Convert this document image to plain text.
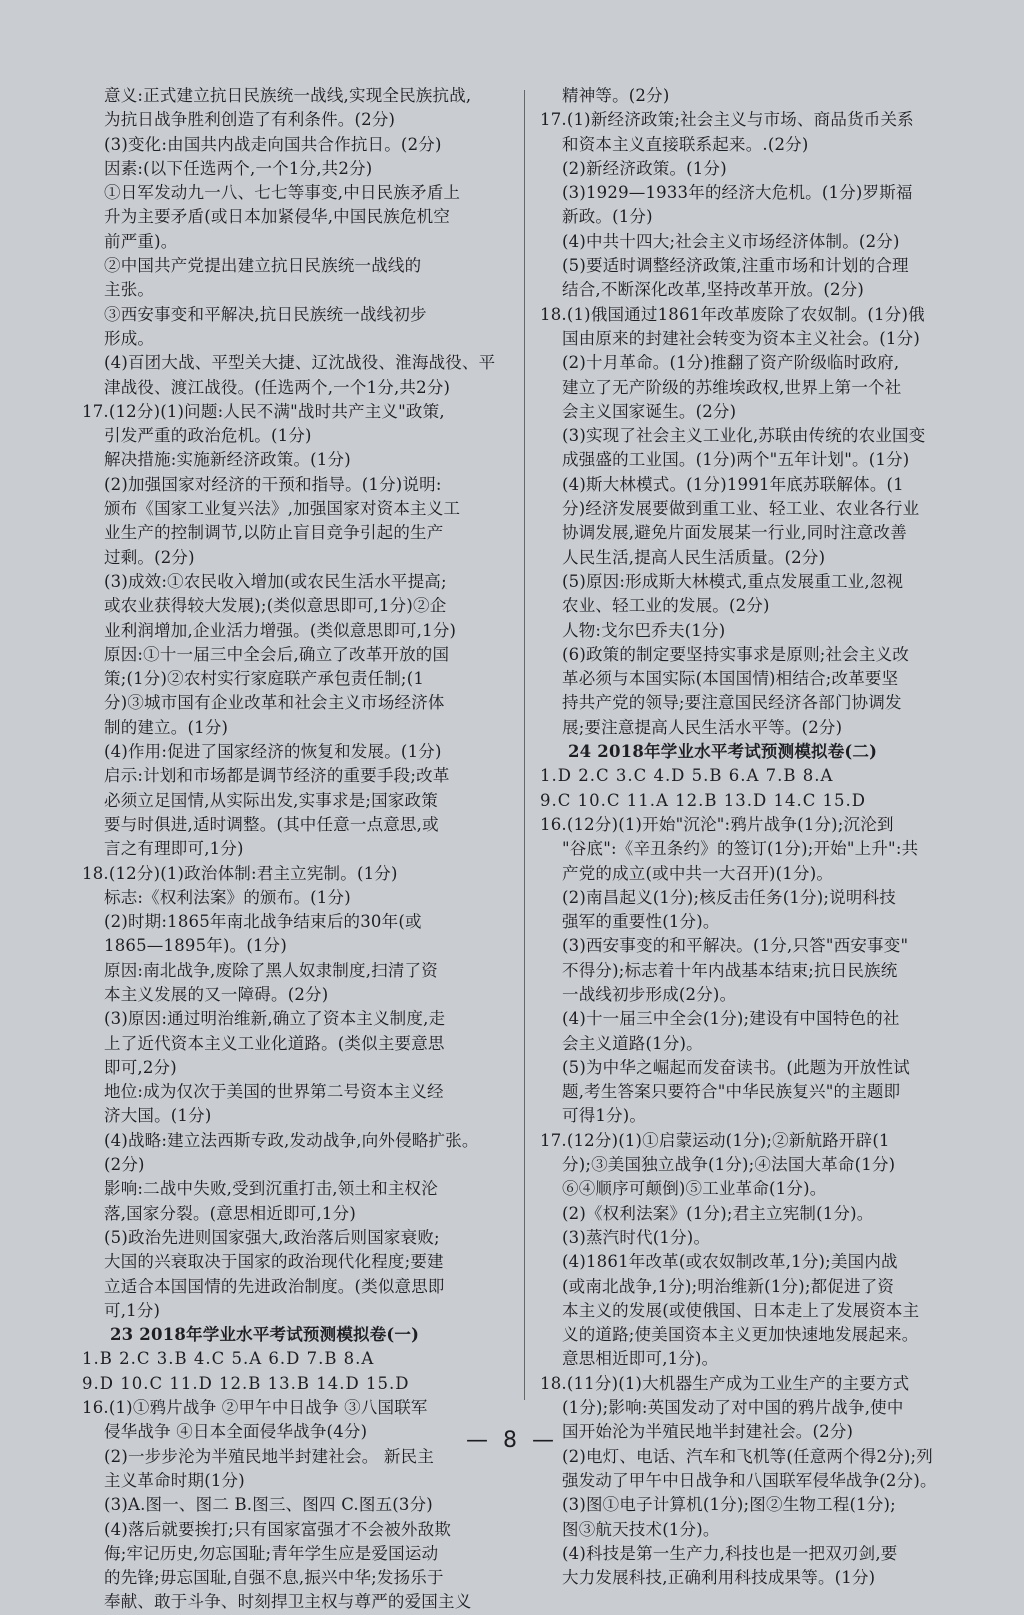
意义:正式建立抗日民族统一战线,实现全民族抗战,
为抗日战争胜利创造了有利条件。(2分)
(3)变化:由国共内战走向国共合作抗日。(2分)
因素:(以下任选两个,一个1分,共2分)
①日军发动九一八、七七等事变,中日民族矛盾上
升为主要矛盾(或日本加紧侵华,中国民族危机空
前严重)。
②中国共产党提出建立抗日民族统一战线的
主张。
③西安事变和平解决,抗日民族统一战线初步
形成。
(4)百团大战、平型关大捷、辽沈战役、淮海战役、平
津战役、渡江战役。(任选两个,一个1分,共2分)
17.(12分)(1)问题:人民不满"战时共产主义"政策,
引发严重的政治危机。(1分)
解决措施:实施新经济政策。(1分)
(2)加强国家对经济的干预和指导。(1分)说明:
颁布《国家工业复兴法》,加强国家对资本主义工
业生产的控制调节,以防止盲目竞争引起的生产
过剩。(2分)
(3)成效:①农民收入增加(或农民生活水平提高;
或农业获得较大发展);(类似意思即可,1分)②企
业利润增加,企业活力增强。(类似意思即可,1分)
原因:①十一届三中全会后,确立了改革开放的国
策;(1分)②农村实行家庭联产承包责任制;(1
分)③城市国有企业改革和社会主义市场经济体
制的建立。(1分)
(4)作用:促进了国家经济的恢复和发展。(1分)
启示:计划和市场都是调节经济的重要手段;改革
必须立足国情,从实际出发,实事求是;国家政策
要与时俱进,适时调整。(其中任意一点意思,或
言之有理即可,1分)
18.(12分)(1)政治体制:君主立宪制。(1分)
标志:《权利法案》的颁布。(1分)
(2)时期:1865年南北战争结束后的30年(或
1865—1895年)。(1分)
原因:南北战争,废除了黑人奴隶制度,扫清了资
本主义发展的又一障碍。(2分)
(3)原因:通过明治维新,确立了资本主义制度,走
上了近代资本主义工业化道路。(类似主要意思
即可,2分)
地位:成为仅次于美国的世界第二号资本主义经
济大国。(1分)
(4)战略:建立法西斯专政,发动战争,向外侵略扩张。
(2分)
影响:二战中失败,受到沉重打击,领土和主权沦
落,国家分裂。(意思相近即可,1分)
(5)政治先进则国家强大,政治落后则国家衰败;
大国的兴衰取决于国家的政治现代化程度;要建
立适合本国国情的先进政治制度。(类似意思即
可,1分)
23 2018年学业水平考试预测模拟卷(一)
1.B 2.C 3.B 4.C 5.A 6.D 7.B 8.A
9.D 10.C 11.D 12.B 13.B 14.D 15.D
16.(1)①鸦片战争 ②甲午中日战争 ③八国联军
侵华战争 ④日本全面侵华战争(4分)
(2)一步步沦为半殖民地半封建社会。 新民主
主义革命时期(1分)
(3)A.图一、图二 B.图三、图四 C.图五(3分)
(4)落后就要挨打;只有国家富强才不会被外敌欺
侮;牢记历史,勿忘国耻;青年学生应是爱国运动
的先锋;毋忘国耻,自强不息,振兴中华;发扬乐于
奉献、敢于斗争、时刻捍卫主权与尊严的爱国主义
精神等。(2分)
17.(1)新经济政策;社会主义与市场、商品货币关系
和资本主义直接联系起来。.(2分)
(2)新经济政策。(1分)
(3)1929—1933年的经济大危机。(1分)罗斯福
新政。(1分)
(4)中共十四大;社会主义市场经济体制。(2分)
(5)要适时调整经济政策,注重市场和计划的合理
结合,不断深化改革,坚持改革开放。(2分)
18.(1)俄国通过1861年改革废除了农奴制。(1分)俄
国由原来的封建社会转变为资本主义社会。(1分)
(2)十月革命。(1分)推翻了资产阶级临时政府,
建立了无产阶级的苏维埃政权,世界上第一个社
会主义国家诞生。(2分)
(3)实现了社会主义工业化,苏联由传统的农业国变
成强盛的工业国。(1分)两个"五年计划"。(1分)
(4)斯大林模式。(1分)1991年底苏联解体。(1
分)经济发展要做到重工业、轻工业、农业各行业
协调发展,避免片面发展某一行业,同时注意改善
人民生活,提高人民生活质量。(2分)
(5)原因:形成斯大林模式,重点发展重工业,忽视
农业、轻工业的发展。(2分)
人物:戈尔巴乔夫(1分)
(6)政策的制定要坚持实事求是原则;社会主义改
革必须与本国实际(本国国情)相结合;改革要坚
持共产党的领导;要注意国民经济各部门协调发
展;要注意提高人民生活水平等。(2分)
24 2018年学业水平考试预测模拟卷(二)
1.D 2.C 3.C 4.D 5.B 6.A 7.B 8.A
9.C 10.C 11.A 12.B 13.D 14.C 15.D
16.(12分)(1)开始"沉沦":鸦片战争(1分);沉沦到
"谷底":《辛丑条约》的签订(1分);开始"上升":共
产党的成立(或中共一大召开)(1分)。
(2)南昌起义(1分);核反击任务(1分);说明科技
强军的重要性(1分)。
(3)西安事变的和平解决。(1分,只答"西安事变"
不得分);标志着十年内战基本结束;抗日民族统
一战线初步形成(2分)。
(4)十一届三中全会(1分);建设有中国特色的社
会主义道路(1分)。
(5)为中华之崛起而发奋读书。(此题为开放性试
题,考生答案只要符合"中华民族复兴"的主题即
可得1分)。
17.(12分)(1)①启蒙运动(1分);②新航路开辟(1
分);③美国独立战争(1分);④法国大革命(1分)
⑥④顺序可颠倒)⑤工业革命(1分)。
(2)《权利法案》(1分);君主立宪制(1分)。
(3)蒸汽时代(1分)。
(4)1861年改革(或农奴制改革,1分);美国内战
(或南北战争,1分);明治维新(1分);都促进了资
本主义的发展(或使俄国、日本走上了发展资本主
义的道路;使美国资本主义更加快速地发展起来。
意思相近即可,1分)。
18.(11分)(1)大机器生产成为工业生产的主要方式
(1分);影响:英国发动了对中国的鸦片战争,使中
国开始沦为半殖民地半封建社会。(2分)
(2)电灯、电话、汽车和飞机等(任意两个得2分);列
强发动了甲午中日战争和八国联军侵华战争(2分)。
(3)图①电子计算机(1分);图②生物工程(1分);
图③航天技术(1分)。
(4)科技是第一生产力,科技也是一把双刃剑,要
大力发展科技,正确利用科技成果等。(1分)
— 8 —
